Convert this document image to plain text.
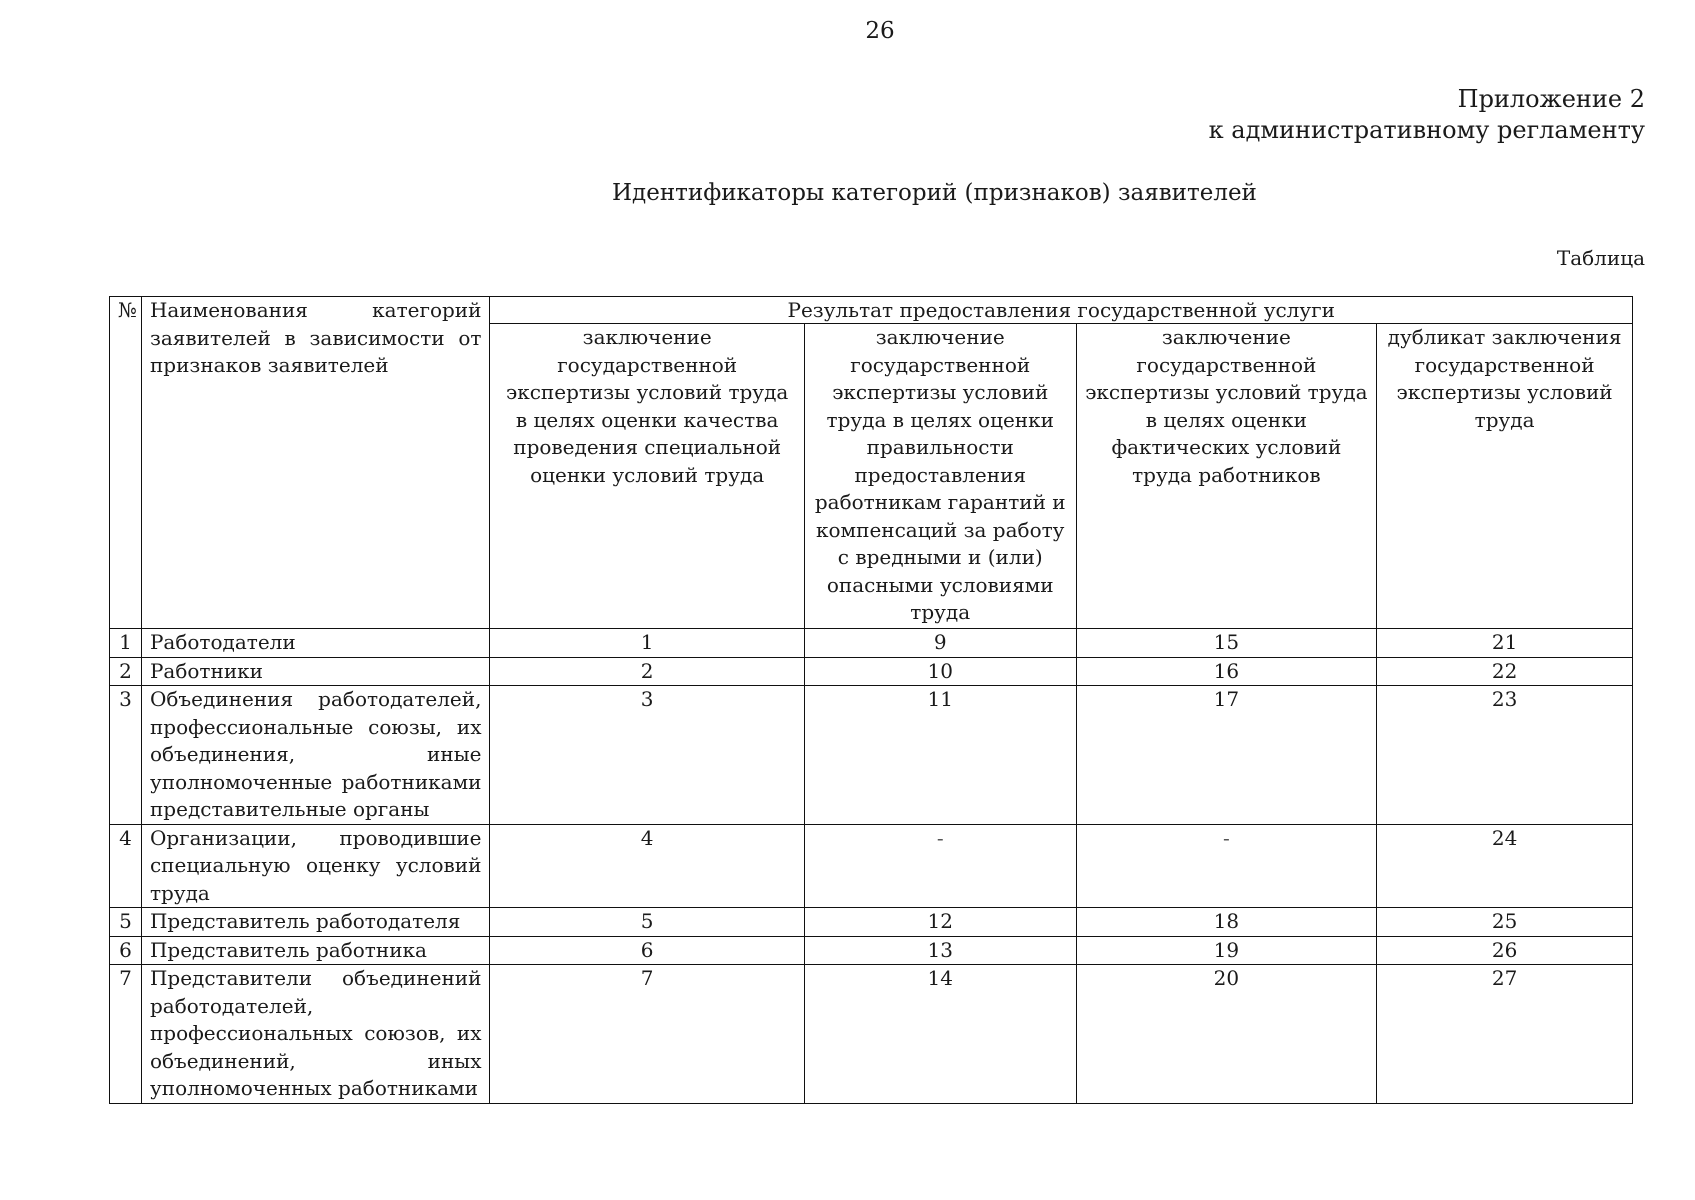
26
Приложение 2
к административному регламенту
Идентификаторы категорий (признаков) заявителей
Таблица
№	Наименования категорий заявителей в зависимости от признаков заявителей	Результат предоставления государственной услуги			
		заключение государственной экспертизы условий труда в целях оценки качества проведения специальной оценки условий труда	заключение государственной экспертизы условий труда в целях оценки правильности предоставления работникам гарантий и компенсаций за работу с вредными и (или) опасными условиями труда	заключение государственной экспертизы условий труда в целях оценки фактических условий труда работников	дубликат заключения государственной экспертизы условий труда
1	Работодатели	1	9	15	21
2	Работники	2	10	16	22
3	Объединения работодателей, профессиональные союзы, их объединения, иные уполномоченные работниками представительные органы	3	11	17	23
4	Организации, проводившие специальную оценку условий труда	4	-	-	24
5	Представитель работодателя	5	12	18	25
6	Представитель работника	6	13	19	26
7	Представители объединений работодателей, профессиональных союзов, их объединений, иных уполномоченных работниками	7	14	20	27
